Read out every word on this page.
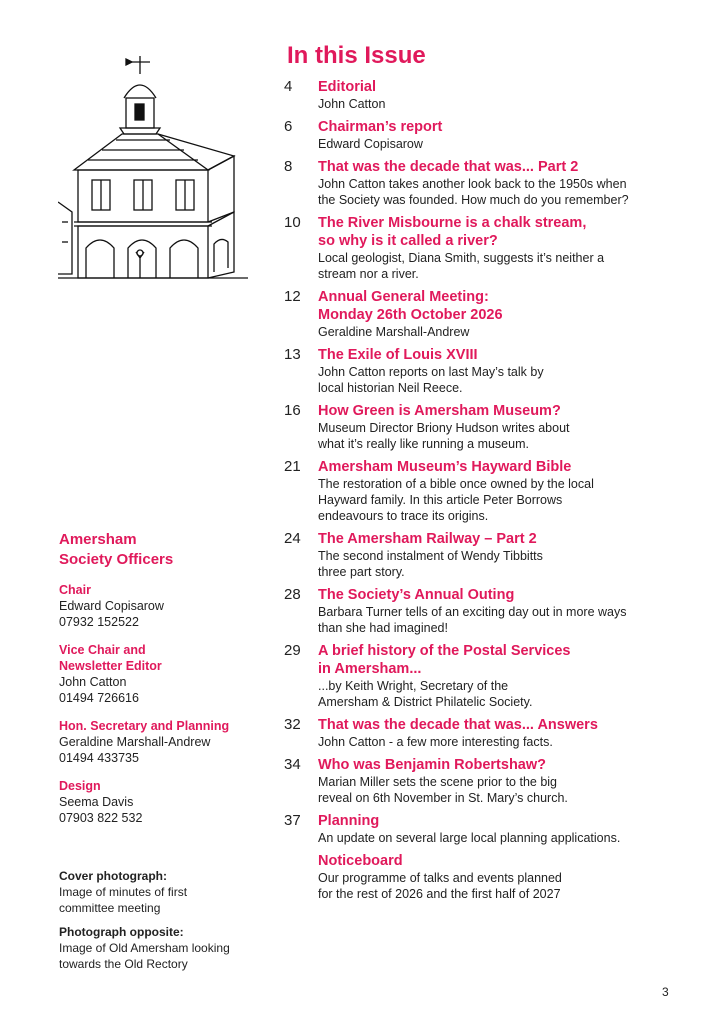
Amersham
Society Officers
Chair
Edward Copisarow
07932 152522
Vice Chair and
Newsletter Editor
John Catton
01494 726616
Hon. Secretary and Planning
Geraldine Marshall-Andrew
01494 433735
Design
Seema Davis
07903 822 532
Cover photograph:
Image of minutes of first
committee meeting
Photograph opposite:
Image of Old Amersham looking
towards the Old Rectory
In this Issue
4	Editorial
John Catton
6	Chairman’s report
Edward Copisarow
8	That was the decade that was... Part 2
John Catton takes another look back to the 1950s when
the Society was founded. How much do you remember?
10	The River Misbourne is a chalk stream,
so why is it called a river?
Local geologist, Diana Smith, suggests it’s neither a
stream nor a river.
12	Annual General Meeting:
Monday 26th October 2026
Geraldine Marshall-Andrew
13	The Exile of Louis XVIII
John Catton reports on last May’s talk by
local historian Neil Reece.
16	How Green is Amersham Museum?
Museum Director Briony Hudson writes about
what it’s really like running a museum.
21	Amersham Museum’s Hayward Bible
The restoration of a bible once owned by the local
Hayward family. In this article Peter Borrows
endeavours to trace its origins.
24	The Amersham Railway – Part 2
The second instalment of Wendy Tibbitts
three part story.
28	The Society’s Annual Outing
Barbara Turner tells of an exciting day out in more ways
than she had imagined!
29	A brief history of the Postal Services
in Amersham...
...by Keith Wright, Secretary of the
Amersham & District Philatelic Society.
32	That was the decade that was... Answers
John Catton - a few more interesting facts.
34	Who was Benjamin Robertshaw?
Marian Miller sets the scene prior to the big
reveal on 6th November in St. Mary’s church.
37	Planning
An update on several large local planning applications.
Noticeboard
Our programme of talks and events planned
for the rest of 2026 and the first half of 2027
3
